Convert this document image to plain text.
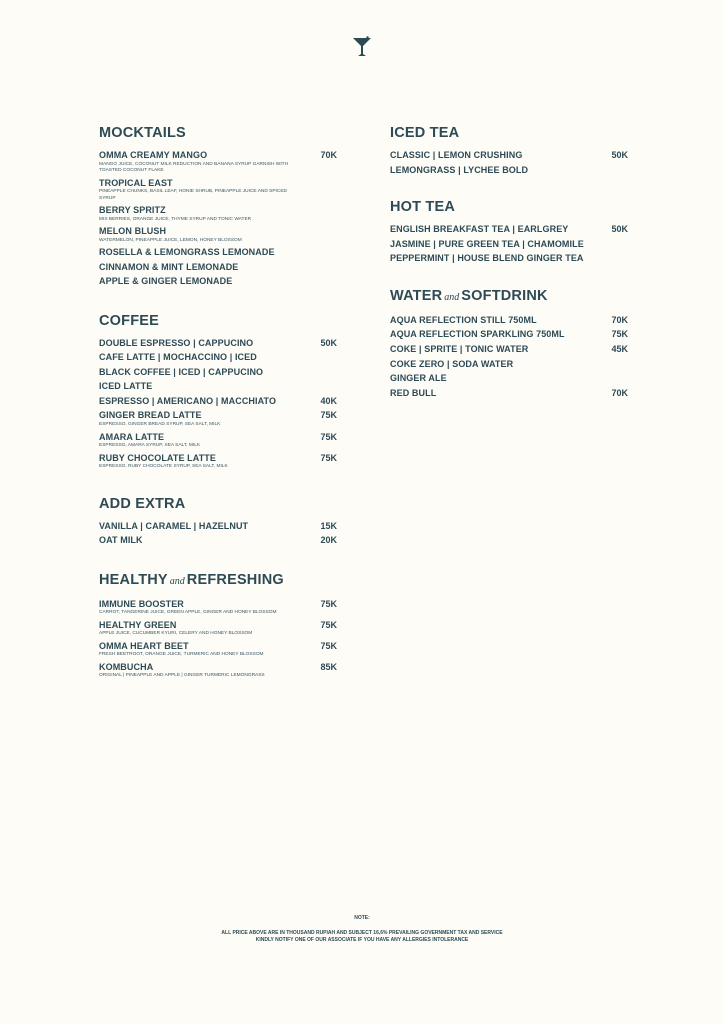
MOCKTAILS
OMMA CREAMY MANGO
MANGO JUICE, COCONUT MILK REDUCTION AND BANANA SYRUP GARNISH WITH TOASTED COCONUT FLAKE
70K
TROPICAL EAST
PINEAPPLE CHUNKS, BASIL LEAF, HONIE SHRUB, PINEAPPLE JUICE AND SPICED SYRUP
BERRY SPRITZ
MIX BERRIES, ORANGE JUICE, THYME SYRUP AND TONIC WATER
MELON BLUSH
WATERMELON, PINEAPPLE JUICE, LEMON, HONEY BLOSSOM
ROSELLA & LEMONGRASS LEMONADE
CINNAMON & MINT LEMONADE
APPLE & GINGER LEMONADE
COFFEE
DOUBLE ESPRESSO | CAPPUCINO	50K
CAFE LATTE | MOCHACCINO | ICED
BLACK COFFEE | ICED | CAPPUCINO
ICED LATTE
ESPRESSO | AMERICANO | MACCHIATO	40K
GINGER BREAD LATTE
ESPRESSO, GINGER BREAD SYRUP, SEA SALT, MILK
75K
AMARA LATTE
ESPRESSO, AMARA SYRUP, SEA SALT, MILK
75K
RUBY CHOCOLATE LATTE
ESPRESSO, RUBY CHOCOLATE SYRUP, SEA SALT, MILK
75K
ADD EXTRA
VANILLA | CARAMEL | HAZELNUT	15K
OAT MILK	20K
HEALTHY and REFRESHING
IMMUNE BOOSTER
CARROT, TANGERINE JUICE, GREEN APPLE, GINGER AND HONEY BLOSSOM
75K
HEALTHY GREEN
APPLE JUICE, CUCUMBER KYURI, CELERY AND HONEY BLOSSOM
75K
OMMA HEART BEET
FRESH BEETROOT, ORANGE JUICE, TURMERIC AND HONEY BLOSSOM
75K
KOMBUCHA
ORIGINAL | PINEAPPLE AND APPLE | GINGER TURMERIC LEMONGRASS
85K
ICED TEA
CLASSIC | LEMON CRUSHING	50K
LEMONGRASS | LYCHEE BOLD
HOT TEA
ENGLISH BREAKFAST TEA | EARLGREY	50K
JASMINE | PURE GREEN TEA | CHAMOMILE
PEPPERMINT | HOUSE BLEND GINGER TEA
WATER and SOFTDRINK
AQUA REFLECTION STILL 750ML	70K
AQUA REFLECTION SPARKLING 750ML	75K
COKE | SPRITE | TONIC WATER	45K
COKE ZERO | SODA WATER
GINGER ALE
RED BULL	70K
NOTE:
ALL PRICE ABOVE ARE IN THOUSAND RUPIAH AND SUBJECT 16,6% PREVAILING GOVERNMENT TAX AND SERVICE
KINDLY NOTIFY ONE OF OUR ASSOCIATE IF YOU HAVE ANY ALLERGIES INTOLERANCE
